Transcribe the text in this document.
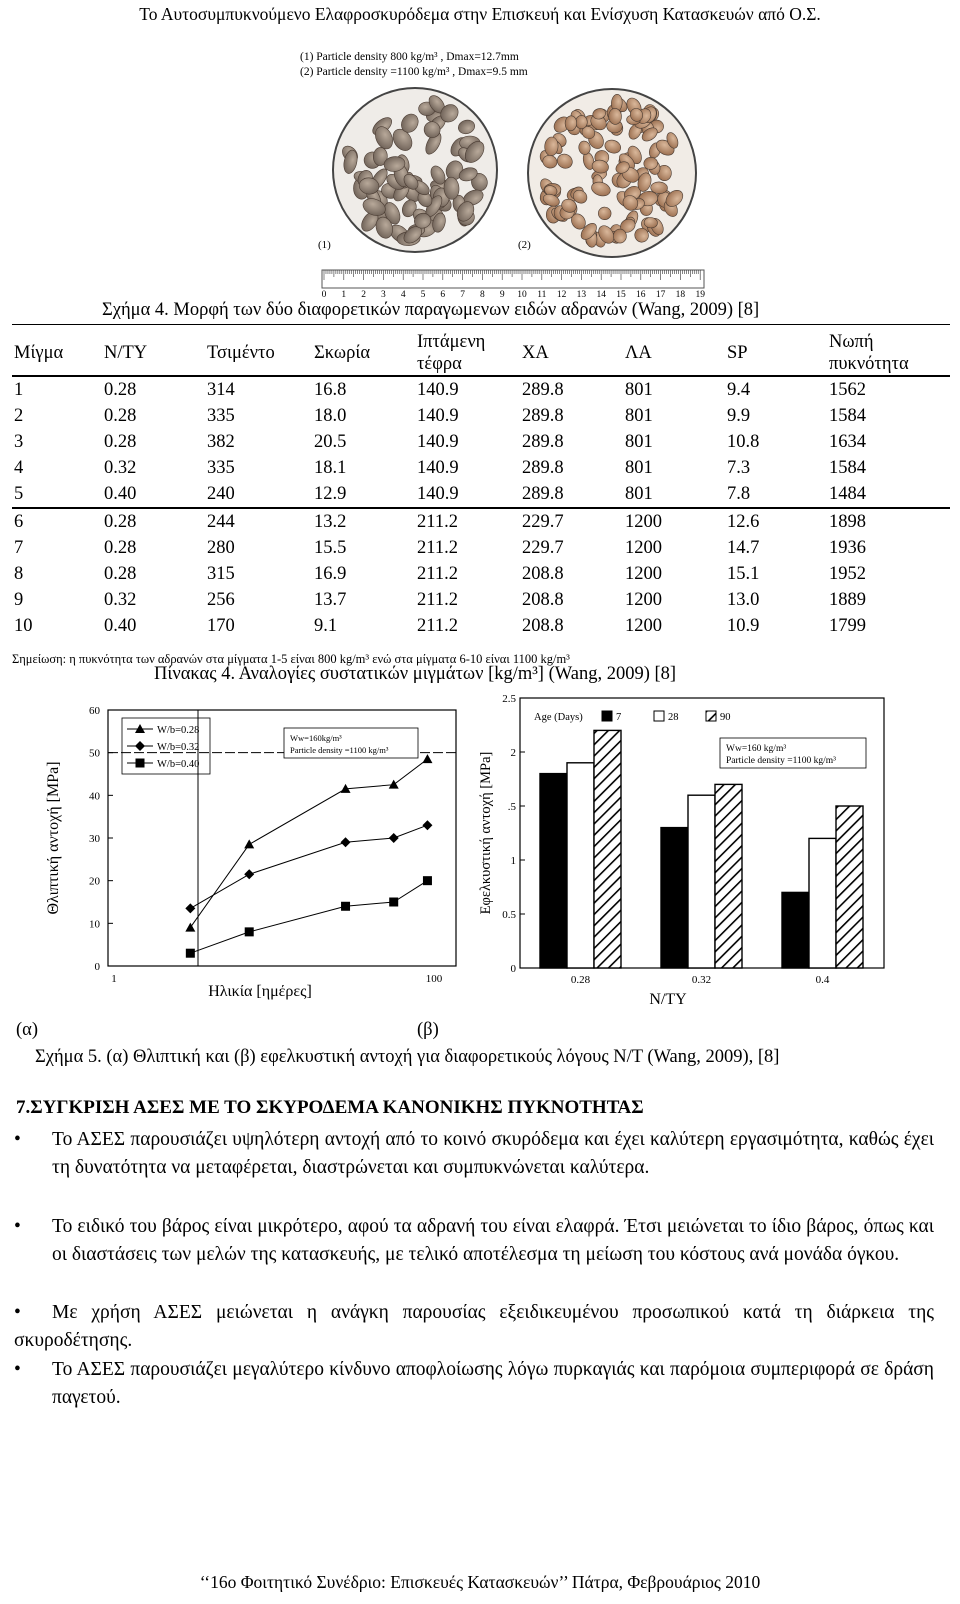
Το Αυτοσυμπυκνούμενο Ελαφροσκυρόδεμα στην Επισκευή και Ενίσχυση Κατασκευών από Ο.Σ.
(1) Particle density 800 kg/m³ , Dmax=12.7mm
(2) Particle density =1100 kg/m³ , Dmax=9.5 mm
(1)	(2)
0 1 2 3 4 5 6 7 8 9 10 11 12 13 14 15 16 17 18 19
Σχήμα 4. Μορφή των δύο διαφορετικών παραγωμενων ειδών αδρανών (Wang, 2009) [8]
Μίγμα	Ν/ΤΥ	Τσιμέντο	Σκωρία	Ιπτάμενη τέφρα	ΧΑ	ΛΑ	SP	Νωπή πυκνότητα
1	0.28	314	16.8	140.9	289.8	801	9.4	1562
2	0.28	335	18.0	140.9	289.8	801	9.9	1584
3	0.28	382	20.5	140.9	289.8	801	10.8	1634
4	0.32	335	18.1	140.9	289.8	801	7.3	1584
5	0.40	240	12.9	140.9	289.8	801	7.8	1484
6	0.28	244	13.2	211.2	229.7	1200	12.6	1898
7	0.28	280	15.5	211.2	229.7	1200	14.7	1936
8	0.28	315	16.9	211.2	208.8	1200	15.1	1952
9	0.32	256	13.7	211.2	208.8	1200	13.0	1889
10	0.40	170	9.1	211.2	208.8	1200	10.9	1799
Σημείωση: η πυκνότητα των αδρανών στα μίγματα 1-5 είναι 800 kg/m³ ενώ στα μίγματα 6-10 είναι 1100 kg/m³
Πίνακας 4. Αναλογίες συστατικών μιγμάτων [kg/m³] (Wang, 2009) [8]
0
10
20
30
40
50
60
1	100
Ηλικία [ημέρες]
Θλιπτική αντοχή [MPa]
W/b=0.28
W/b=0.32
W/b=0.40
Ww=160kg/m³
Particle density =1100 kg/m³
0
0.5
1
.5
2
2.5
0.28	0.32	0.4
Ν/ΤΥ
Εφελκυστική αντοχή [MPa]
Age (Days)	7	28	90
Ww=160 kg/m³
Particle density =1100 kg/m³
(α)	(β)
Σχήμα 5. (α) Θλιπτική και (β) εφελκυστική αντοχή για διαφορετικούς λόγους Ν/Τ (Wang, 2009), [8]
7.ΣΥΓΚΡΙΣΗ ΑΣΕΣ ΜΕ ΤΟ ΣΚΥΡΟΔΕΜΑ ΚΑΝΟΝΙΚΗΣ ΠΥΚΝΟΤΗΤΑΣ
• Το ΑΣΕΣ παρουσιάζει υψηλότερη αντοχή από το κοινό σκυρόδεμα και έχει καλύτερη εργασιμότητα, καθώς έχει τη δυνατότητα να μεταφέρεται, διαστρώνεται και συμπυκνώνεται καλύτερα.
• Το ειδικό του βάρος είναι μικρότερο, αφού τα αδρανή του είναι ελαφρά. Έτσι μειώνεται το ίδιο βάρος, όπως και οι διαστάσεις των μελών της κατασκευής, με τελικό αποτέλεσμα τη μείωση του κόστους ανά μονάδα όγκου.
•	Με χρήση ΑΣΕΣ μειώνεται η ανάγκη παρουσίας εξειδικευμένου προσωπικού κατά τη διάρκεια της σκυροδέτησης.
• Το ΑΣΕΣ παρουσιάζει μεγαλύτερο κίνδυνο αποφλοίωσης λόγω πυρκαγιάς και παρόμοια συμπεριφορά σε δράση παγετού.
‘‘16ο Φοιτητικό Συνέδριο: Επισκευές Κατασκευών’’ Πάτρα, Φεβρουάριος 2010
